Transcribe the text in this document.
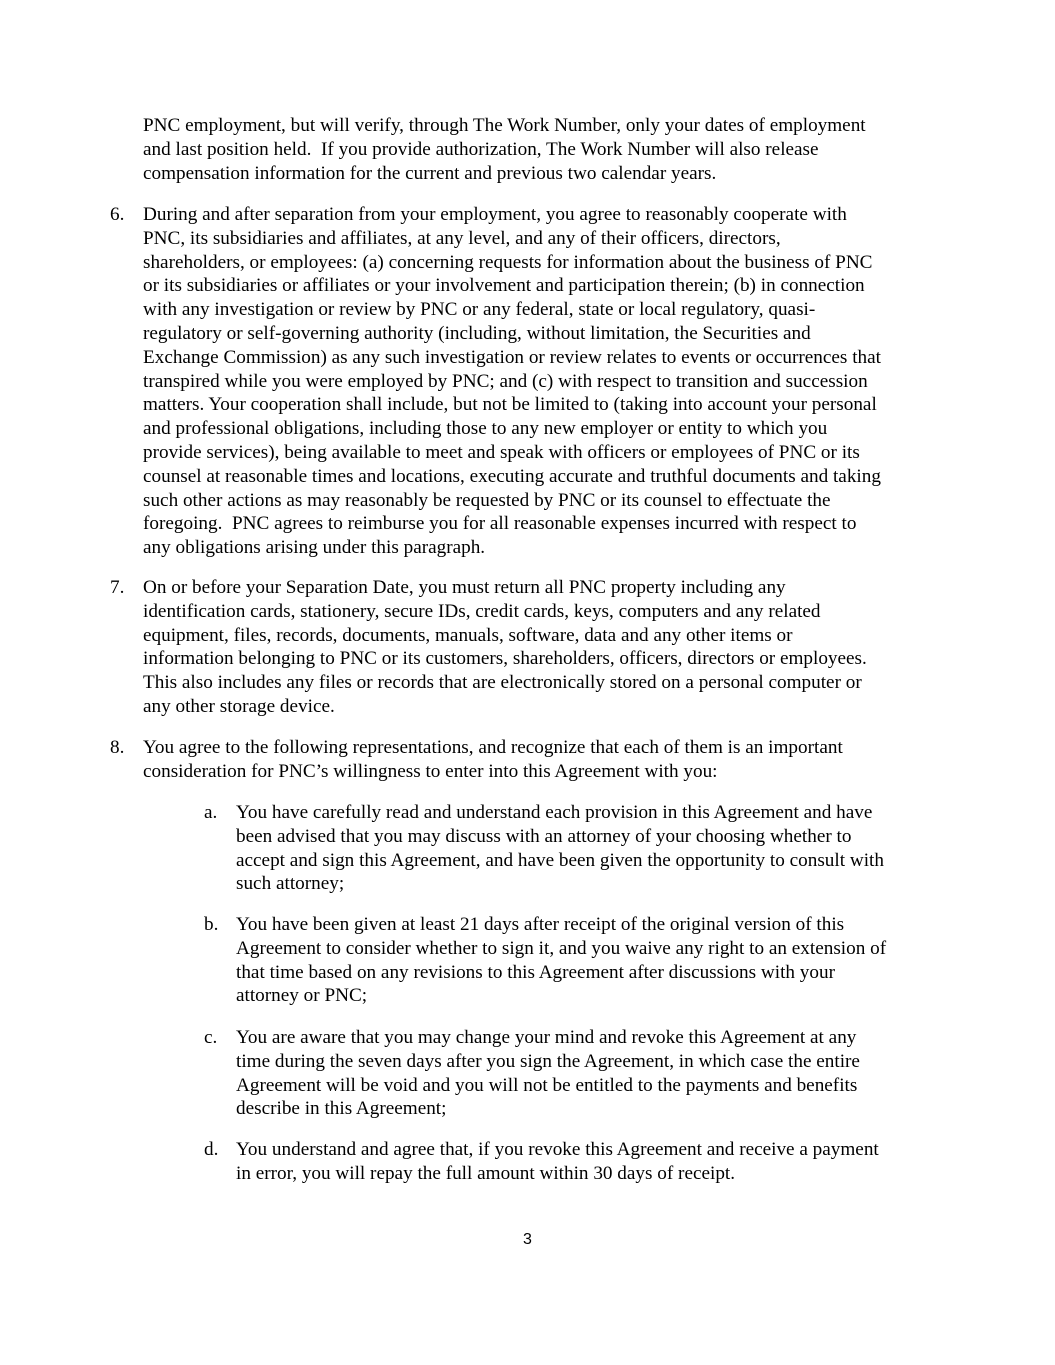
PNC employment, but will verify, through The Work Number, only your dates of employment
and last position held.  If you provide authorization, The Work Number will also release
compensation information for the current and previous two calendar years.
6. During and after separation from your employment, you agree to reasonably cooperate with
PNC, its subsidiaries and affiliates, at any level, and any of their officers, directors,
shareholders, or employees: (a) concerning requests for information about the business of PNC
or its subsidiaries or affiliates or your involvement and participation therein; (b) in connection
with any investigation or review by PNC or any federal, state or local regulatory, quasi-
regulatory or self-governing authority (including, without limitation, the Securities and
Exchange Commission) as any such investigation or review relates to events or occurrences that
transpired while you were employed by PNC; and (c) with respect to transition and succession
matters. Your cooperation shall include, but not be limited to (taking into account your personal
and professional obligations, including those to any new employer or entity to which you
provide services), being available to meet and speak with officers or employees of PNC or its
counsel at reasonable times and locations, executing accurate and truthful documents and taking
such other actions as may reasonably be requested by PNC or its counsel to effectuate the
foregoing.  PNC agrees to reimburse you for all reasonable expenses incurred with respect to
any obligations arising under this paragraph.
7. On or before your Separation Date, you must return all PNC property including any
identification cards, stationery, secure IDs, credit cards, keys, computers and any related
equipment, files, records, documents, manuals, software, data and any other items or
information belonging to PNC or its customers, shareholders, officers, directors or employees.
This also includes any files or records that are electronically stored on a personal computer or
any other storage device.
8. You agree to the following representations, and recognize that each of them is an important
consideration for PNC’s willingness to enter into this Agreement with you:
a. You have carefully read and understand each provision in this Agreement and have
been advised that you may discuss with an attorney of your choosing whether to
accept and sign this Agreement, and have been given the opportunity to consult with
such attorney;
b. You have been given at least 21 days after receipt of the original version of this
Agreement to consider whether to sign it, and you waive any right to an extension of
that time based on any revisions to this Agreement after discussions with your
attorney or PNC;
c. You are aware that you may change your mind and revoke this Agreement at any
time during the seven days after you sign the Agreement, in which case the entire
Agreement will be void and you will not be entitled to the payments and benefits
describe in this Agreement;
d. You understand and agree that, if you revoke this Agreement and receive a payment
in error, you will repay the full amount within 30 days of receipt.
3
